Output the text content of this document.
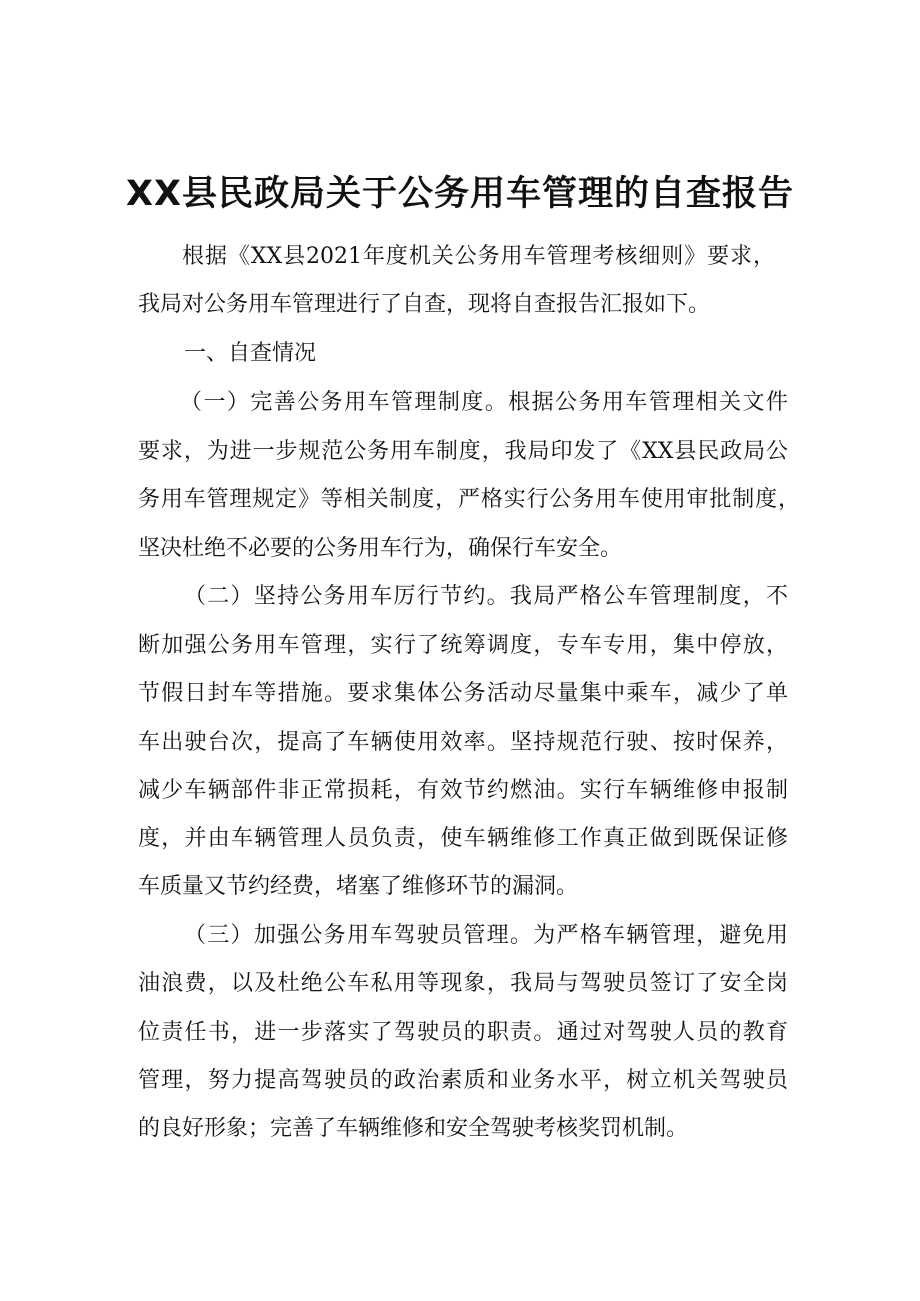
XX县民政局关于公务用车管理的自查报告
根据《XX县2021年度机关公务用车管理考核细则》要求，
我局对公务用车管理进行了自查，现将自查报告汇报如下。
一、自查情况
（一）完善公务用车管理制度。根据公务用车管理相关文件
要求，为进一步规范公务用车制度，我局印发了《XX县民政局公
务用车管理规定》等相关制度，严格实行公务用车使用审批制度，
坚决杜绝不必要的公务用车行为，确保行车安全。
（二）坚持公务用车厉行节约。我局严格公车管理制度，不
断加强公务用车管理，实行了统筹调度，专车专用，集中停放，
节假日封车等措施。要求集体公务活动尽量集中乘车，减少了单
车出驶台次，提高了车辆使用效率。坚持规范行驶、按时保养，
减少车辆部件非正常损耗，有效节约燃油。实行车辆维修申报制
度，并由车辆管理人员负责，使车辆维修工作真正做到既保证修
车质量又节约经费，堵塞了维修环节的漏洞。
（三）加强公务用车驾驶员管理。为严格车辆管理，避免用
油浪费，以及杜绝公车私用等现象，我局与驾驶员签订了安全岗
位责任书，进一步落实了驾驶员的职责。通过对驾驶人员的教育
管理，努力提高驾驶员的政治素质和业务水平，树立机关驾驶员
的良好形象；完善了车辆维修和安全驾驶考核奖罚机制。
